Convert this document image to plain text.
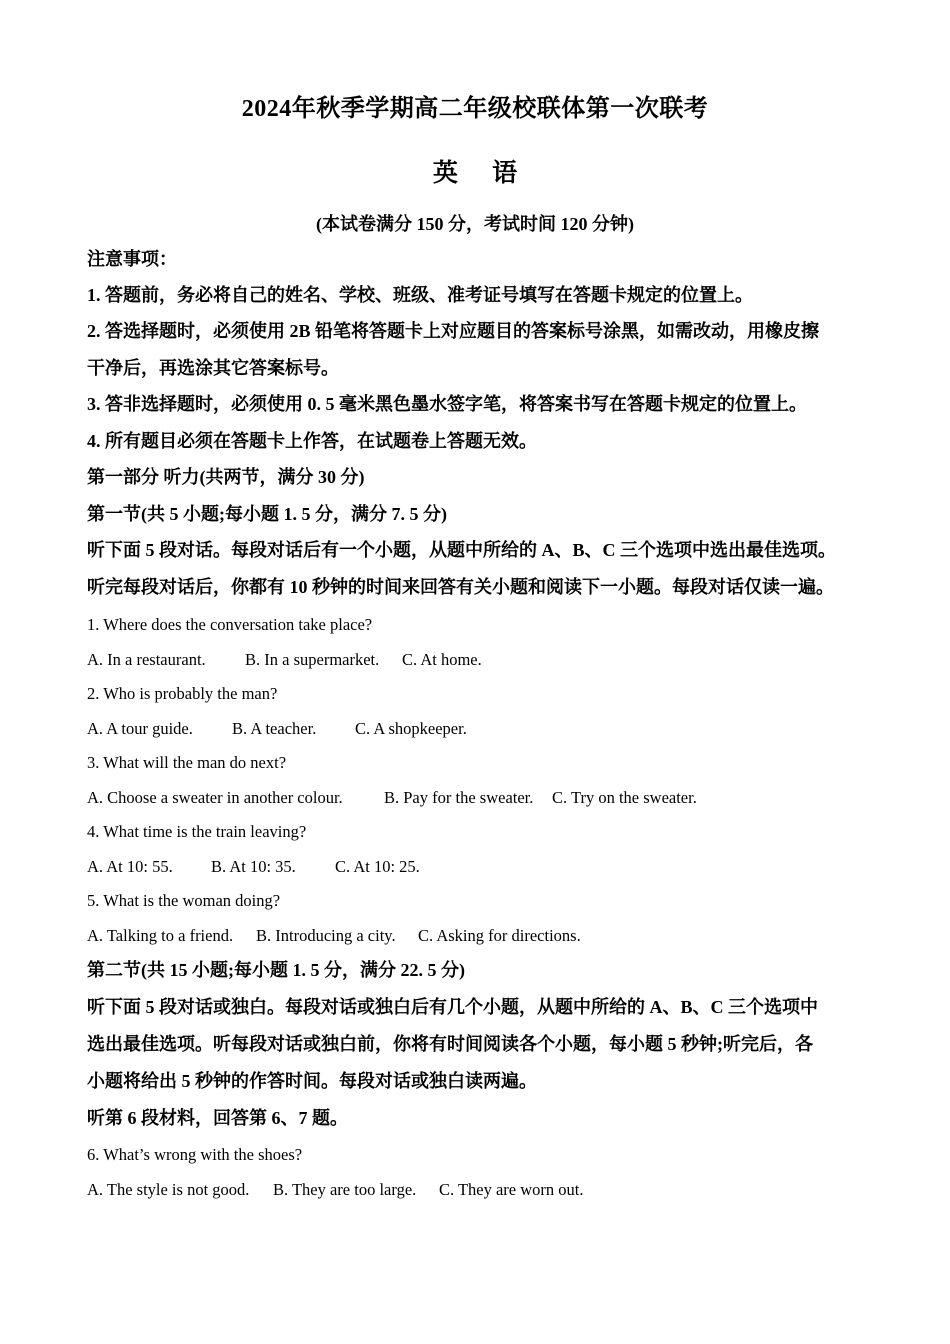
2024年秋季学期高二年级校联体第一次联考
英 语
(本试卷满分 150 分，考试时间 120 分钟)
注意事项：
1. 答题前，务必将自己的姓名、学校、班级、准考证号填写在答题卡规定的位置上。
2. 答选择题时，必须使用 2B 铅笔将答题卡上对应题目的答案标号涂黑，如需改动，用橡皮擦
干净后，再选涂其它答案标号。
3. 答非选择题时，必须使用 0. 5 毫米黑色墨水签字笔，将答案书写在答题卡规定的位置上。
4. 所有题目必须在答题卡上作答，在试题卷上答题无效。
第一部分 听力(共两节，满分 30 分)
第一节(共 5 小题;每小题 1. 5 分，满分 7. 5 分)
听下面 5 段对话。每段对话后有一个小题，从题中所给的 A、B、C 三个选项中选出最佳选项。
听完每段对话后，你都有 10 秒钟的时间来回答有关小题和阅读下一小题。每段对话仅读一遍。
1. Where does the conversation take place?
A. In a restaurant. B. In a supermarket. C. At home.
2. Who is probably the man?
A. A tour guide. B. A teacher. C. A shopkeeper.
3. What will the man do next?
A. Choose a sweater in another colour.	B. Pay for the sweater. C. Try on the sweater.
4. What time is the train leaving?
A. At 10: 55. B. At 10: 35. C. At 10: 25.
5. What is the woman doing?
A. Talking to a friend. B. Introducing a city. C. Asking for directions.
第二节(共 15 小题;每小题 1. 5 分，满分 22. 5 分)
听下面 5 段对话或独白。每段对话或独白后有几个小题，从题中所给的 A、B、C 三个选项中
选出最佳选项。听每段对话或独白前，你将有时间阅读各个小题，每小题 5 秒钟;听完后，各
小题将给出 5 秒钟的作答时间。每段对话或独白读两遍。
听第 6 段材料，回答第 6、7 题。
6. What’s wrong with the shoes?
A. The style is not good. B. They are too large. C. They are worn out.
